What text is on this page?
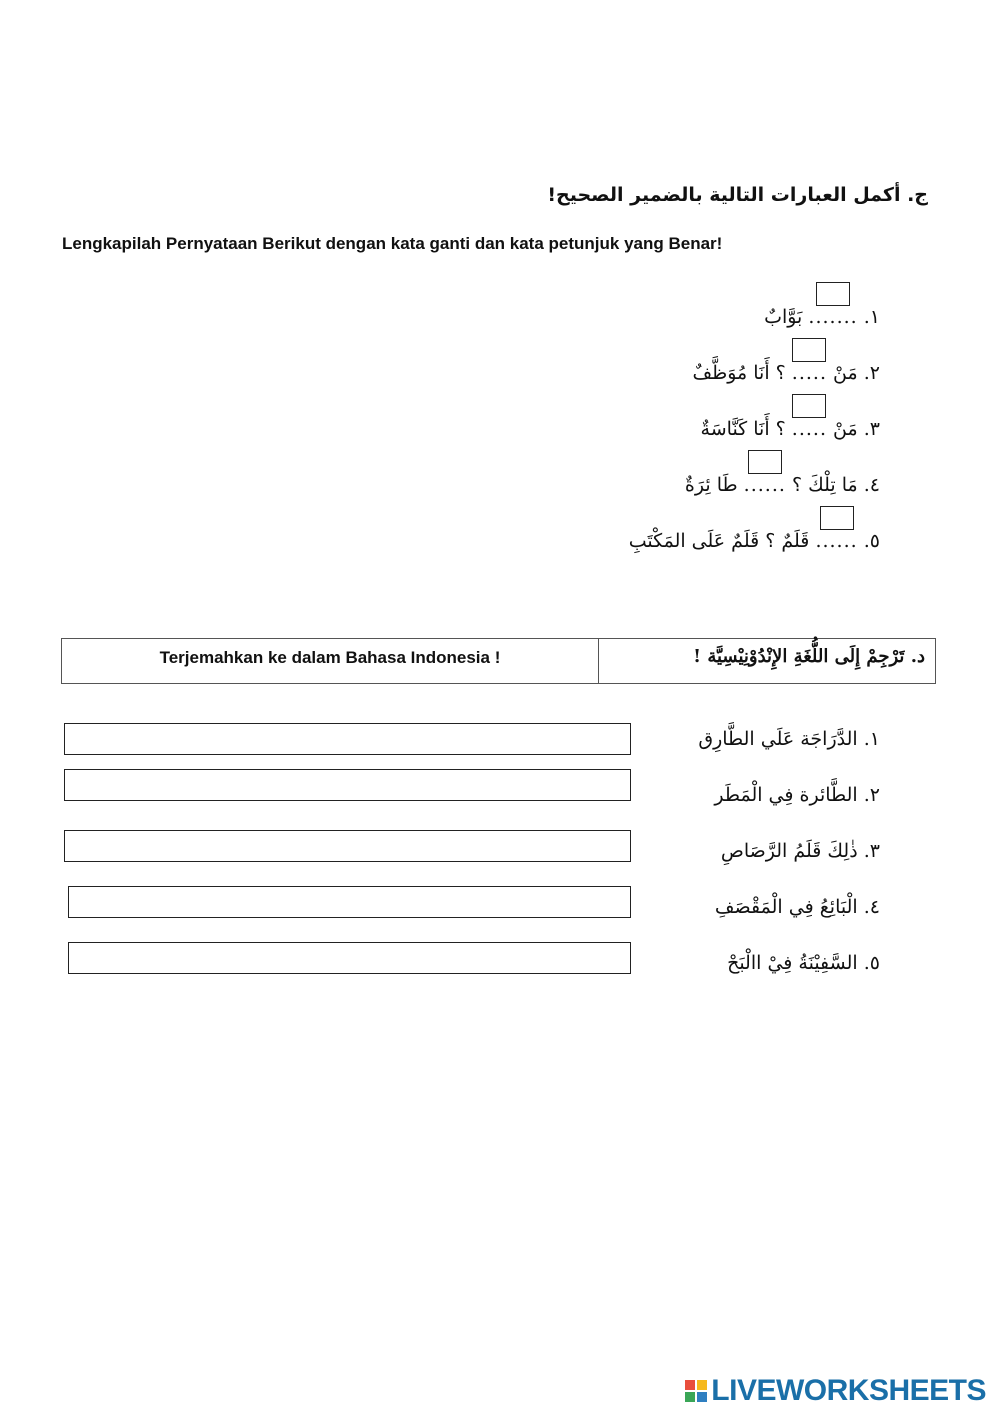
ج. أكمل العبارات التالية بالضمير الصحيح!
Lengkapilah Pernyataan Berikut dengan kata ganti dan kata petunjuk yang Benar!
١. .......
بَوَّابٌ
٢. مَنْ .....
؟ أَنَا مُوَظَّفٌ
٣. مَنْ .....
؟ أَنَا كَنَّاسَةٌ
٤. مَا تِلْكَ ؟ ......
طَا ئِرَةٌ
٥. ......
قَلَمٌ ؟ قَلَمٌ عَلَى المَكْتَبِ
Terjemahkan ke dalam Bahasa Indonesia !	د. تَرْجِمْ إِلَى اللُّغَةِ الإِنْدُوْنِيْسِيَّة !
١. الدَّرَاجَة عَلَي الطَّارِق
٢. الطَّائرة فِي الْمَطَر
٣. ذٰلِكَ قَلَمُ الرَّصَاصِ
٤. الْبَائِعُ فِي الْمَقْصَفِ
٥. السَّفِيْنَةُ فِيْ االْبَحْ
LIVEWORKSHEETS
